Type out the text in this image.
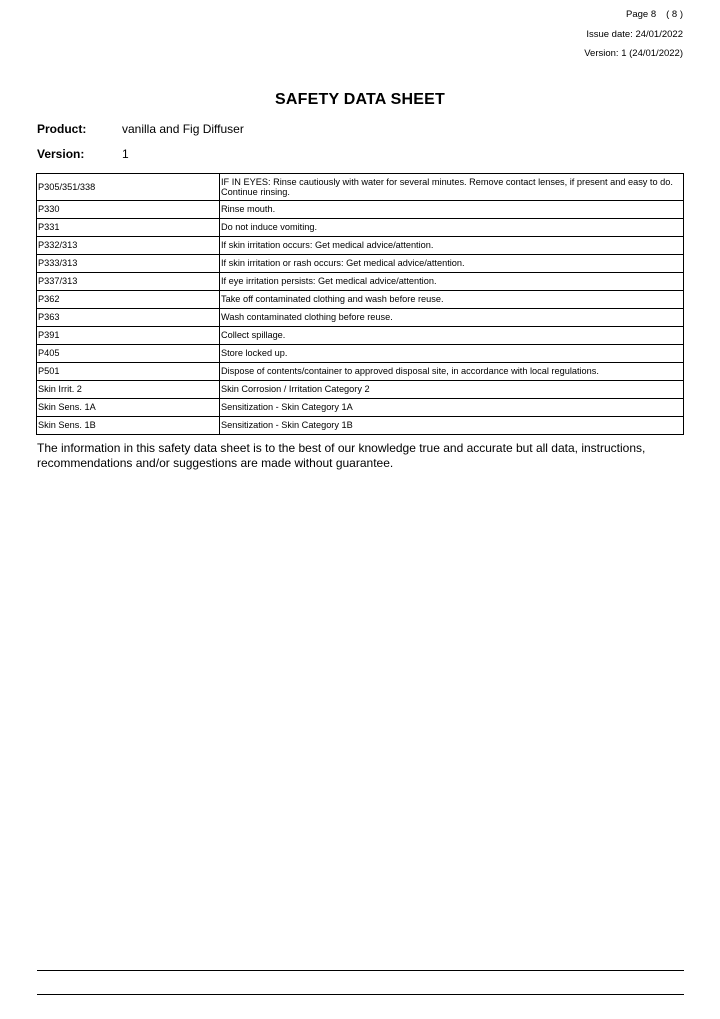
Page 8 ( 8 )
Issue date: 24/01/2022
Version: 1 (24/01/2022)
SAFETY DATA SHEET
Product:	vanilla and Fig Diffuser
Version:	1
P305/351/338	IF IN EYES: Rinse cautiously with water for several minutes. Remove contact lenses, if present and easy to do. Continue rinsing.
P330	Rinse mouth.
P331	Do not induce vomiting.
P332/313	If skin irritation occurs: Get medical advice/attention.
P333/313	If skin irritation or rash occurs: Get medical advice/attention.
P337/313	If eye irritation persists: Get medical advice/attention.
P362	Take off contaminated clothing and wash before reuse.
P363	Wash contaminated clothing before reuse.
P391	Collect spillage.
P405	Store locked up.
P501	Dispose of contents/container to approved disposal site, in accordance with local regulations.
Skin Irrit. 2	Skin Corrosion / Irritation Category 2
Skin Sens. 1A	Sensitization - Skin Category 1A
Skin Sens. 1B	Sensitization - Skin Category 1B
The information in this safety data sheet is to the best of our knowledge true and accurate but all data, instructions, recommendations and/or suggestions are made without guarantee.
